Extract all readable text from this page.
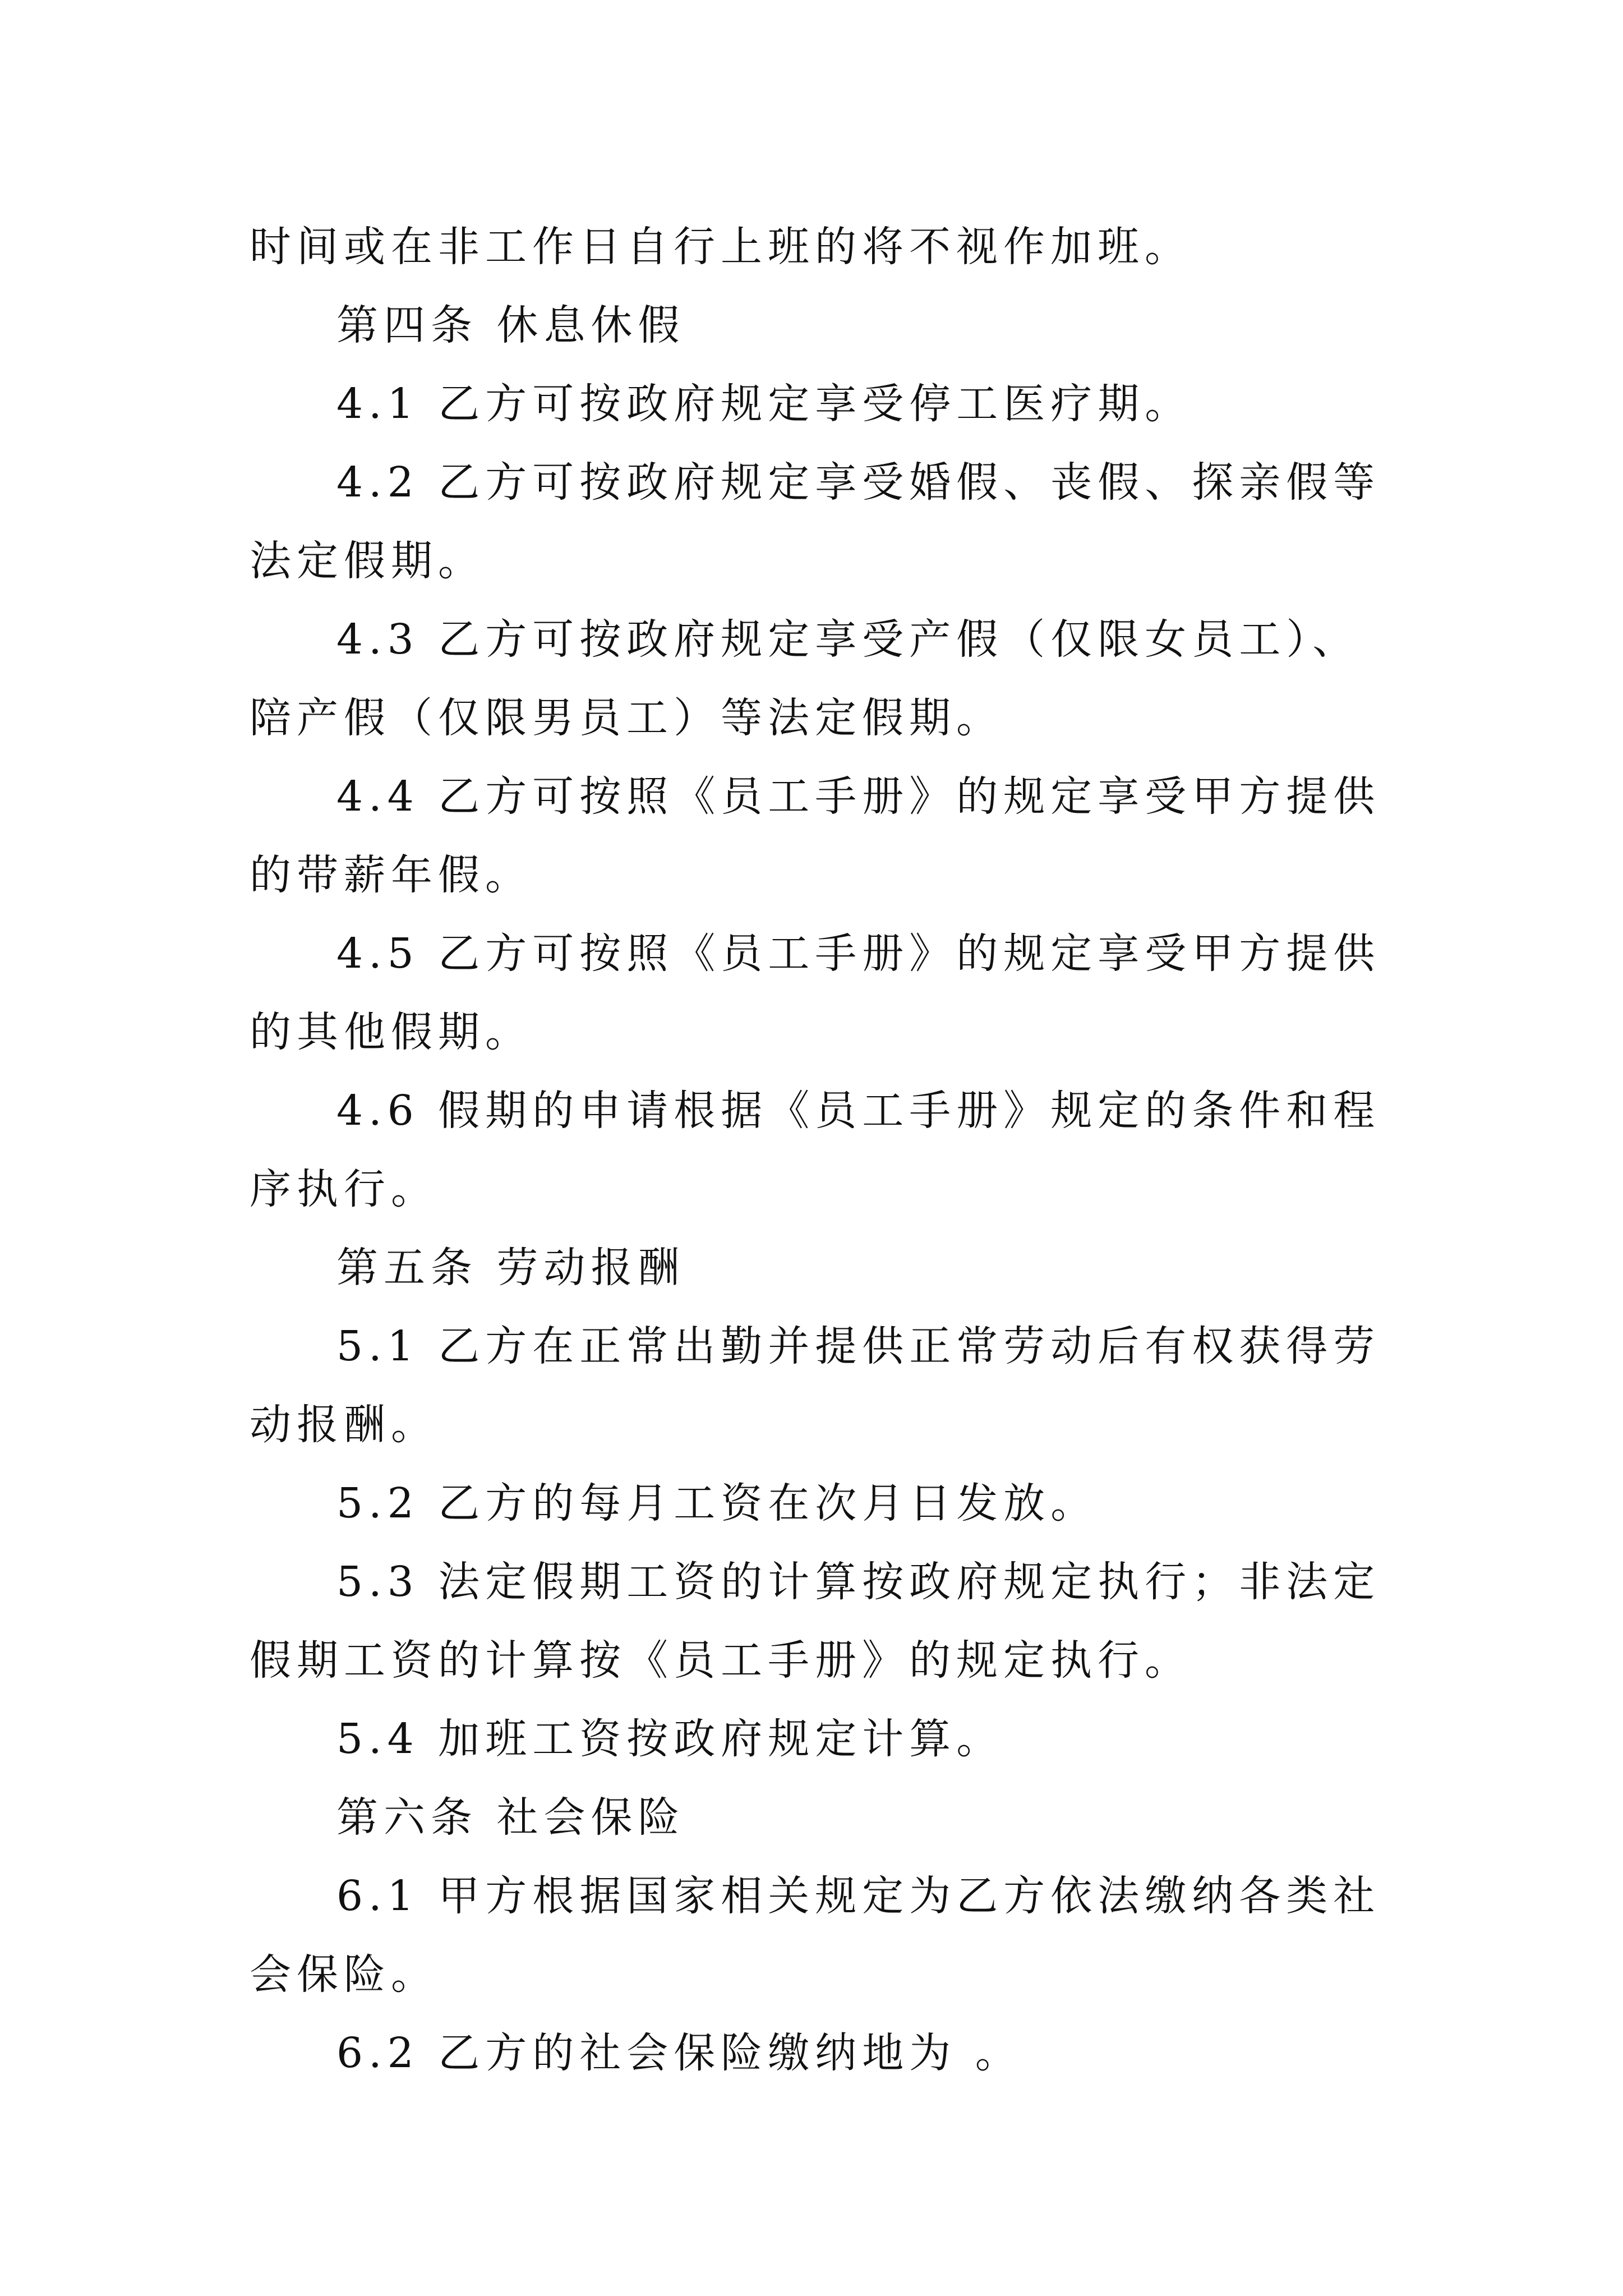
时间或在非工作日自行上班的将不视作加班。

第四条 休息休假

4.1 乙方可按政府规定享受停工医疗期。

4.2 乙方可按政府规定享受婚假、丧假、探亲假等法定假期。

4.3 乙方可按政府规定享受产假（仅限女员工）、陪产假（仅限男员工）等法定假期。

4.4 乙方可按照《员工手册》的规定享受甲方提供的带薪年假。

4.5 乙方可按照《员工手册》的规定享受甲方提供的其他假期。

4.6 假期的申请根据《员工手册》规定的条件和程序执行。

第五条 劳动报酬

5.1 乙方在正常出勤并提供正常劳动后有权获得劳动报酬。

5.2 乙方的每月工资在次月日发放。

5.3 法定假期工资的计算按政府规定执行；非法定假期工资的计算按《员工手册》的规定执行。

5.4 加班工资按政府规定计算。

第六条 社会保险

6.1 甲方根据国家相关规定为乙方依法缴纳各类社会保险。

6.2 乙方的社会保险缴纳地为 。
